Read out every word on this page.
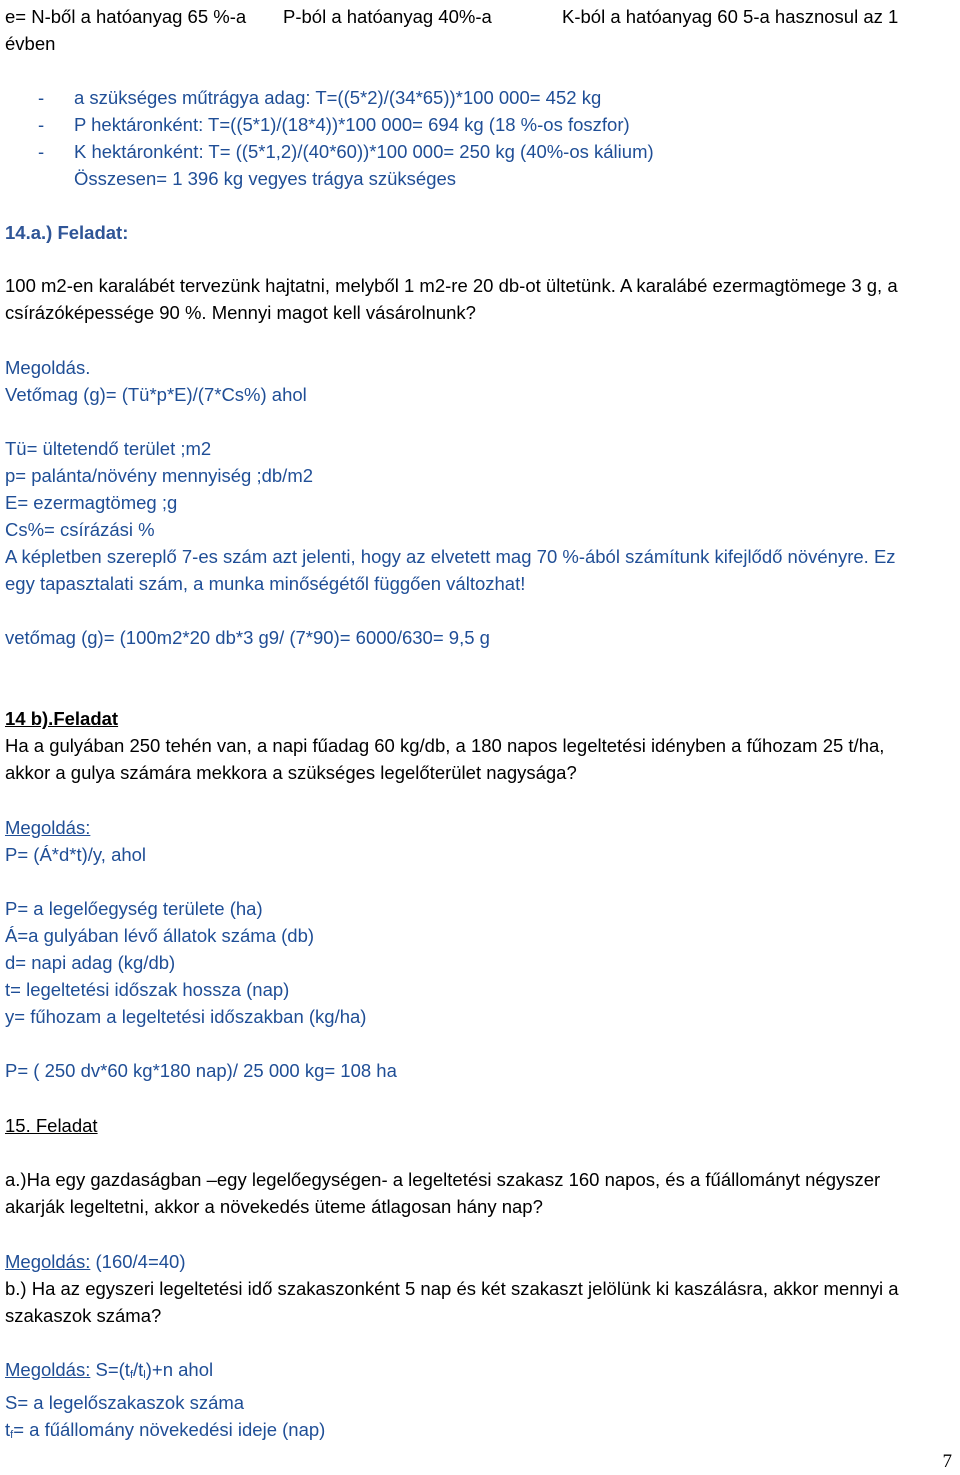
e= N-ből a hatóanyag 65 %-a P-ból a hatóanyag 40%-a	K-ból a hatóanyag 60 5-a hasznosul az 1
évben
- a szükséges műtrágya adag: T=((5*2)/(34*65))*100 000= 452 kg
- P hektáronként: T=((5*1)/(18*4))*100 000= 694 kg (18 %-os foszfor)
- K hektáronként: T= ((5*1,2)/(40*60))*100 000= 250 kg (40%-os kálium)
Összesen= 1 396 kg vegyes trágya szükséges
14.a.) Feladat:
100 m2-en karalábét tervezünk hajtatni, melyből 1 m2-re 20 db-ot ültetünk. A karalábé ezermagtömege 3 g, a
csírázóképessége 90 %. Mennyi magot kell vásárolnunk?
Megoldás.
Vetőmag (g)= (Tü*p*E)/(7*Cs%) ahol
Tü= ültetendő terület ;m2
p= palánta/növény mennyiség ;db/m2
E= ezermagtömeg ;g
Cs%= csírázási %
A képletben szereplő 7-es szám azt jelenti, hogy az elvetett mag 70 %-ából számítunk kifejlődő növényre. Ez
egy tapasztalati szám, a munka minőségétől függően változhat!
vetőmag (g)= (100m2*20 db*3 g9/ (7*90)= 6000/630= 9,5 g
14 b).Feladat
Ha a gulyában 250 tehén van, a napi fűadag 60 kg/db, a 180 napos legeltetési idényben a fűhozam 25 t/ha,
akkor a gulya számára mekkora a szükséges legelőterület nagysága?
Megoldás:
P= (Á*d*t)/y, ahol
P= a legelőegység területe (ha)
Á=a gulyában lévő állatok száma (db)
d= napi adag (kg/db)
t= legeltetési időszak hossza (nap)
y= fűhozam a legeltetési időszakban (kg/ha)
P= ( 250 dv*60 kg*180 nap)/ 25 000 kg= 108 ha
15. Feladat
a.)Ha egy gazdaságban –egy legelőegységen- a legeltetési szakasz 160 napos, és a fűállományt négyszer
akarják legeltetni, akkor a növekedés üteme átlagosan hány nap?
Megoldás: (160/4=40)
b.) Ha az egyszeri legeltetési idő szakaszonként 5 nap és két szakaszt jelölünk ki kaszálásra, akkor mennyi a
szakaszok száma?
Megoldás: S=(tf/tl)+n ahol
S= a legelőszakaszok száma
tf= a fűállomány növekedési ideje (nap)
7
